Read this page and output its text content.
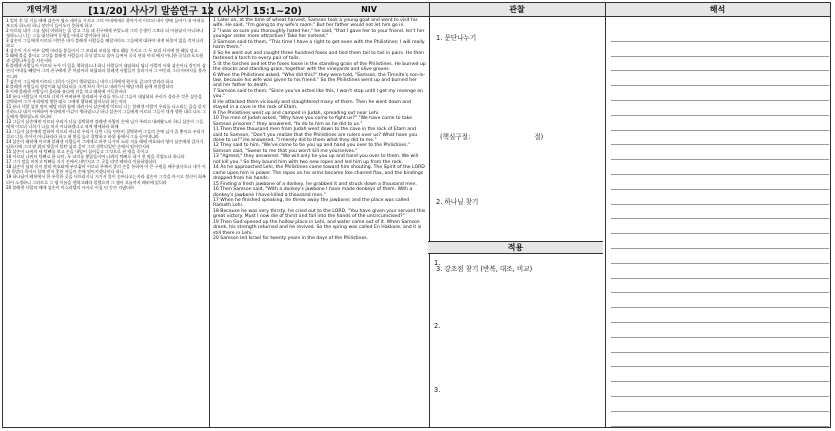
개역개정	[11/20] 사사기 말씀연구 12 (사사기 15:1~20)	NIV	관찰	해석

1 얼마 후 밀 거둘 때에 삼손이 염소 새끼를 가지고 그의 아내에게로 찾아가서 이르되 내가 방에 들어가 내 아내를 보고자 하노라 하니 장인이 들어오지 못하게 하고

2 이르되 네가 그를 심히 미워하는 줄 알고 그를 네 친구에게 주었노라 그의 동생이 그보다 더 아름답지 아니하냐 청하노니 너는 그를 대신하여 동생을 아내로 맞이하라 하니

3 삼손이 그들에게 이르되 이번은 내가 블레셋 사람들을 해할지라도 그들에게 대하여 내게 허물이 없을 것이니라 하고

4 삼손이 가서 여우 삼백 마리를 붙들어서 그 꼬리와 꼬리를 매고 홰를 가지고 그 두 꼬리 사이에 한 홰를 달고

5 홰에 불을 붙이고 그것을 블레셋 사람들의 곡식 밭으로 몰아 들여서 곡식 단과 아직 베지 아니한 곡식과 포도원과 감람나무들을 사른지라

6 블레셋 사람들이 이르되 누가 이 일을 행하였느냐 하니 사람들이 대답하되 딤나 사람의 사위 삼손이니 장인이 삼손의 아내를 빼앗아 그의 친구에게 준 까닭이라 하였더라 블레셋 사람들이 올라가서 그 여인과 그의 아버지를 불사르니라

7 삼손이 그들에게 이르되 너희가 이같이 행하였으니 내가 너희에게 원수를 갚고야 말리라 하고

8 블레셋 사람들의 정강이와 넓적다리를 크게 쳐서 죽이고 내려가서 에담 바위 틈에 머물렀더라

9 이에 블레셋 사람들이 올라와 유다에 진을 치고 레히에 가득한지라

10 유다 사람들이 이르되 너희가 어찌하여 올라와서 우리를 치느냐 그들이 대답하되 우리가 올라온 것은 삼손을 결박하여 그가 우리에게 행한 대로 그에게 행하려 함이로라 하는지라

11 유다 사람 삼천 명이 에담 바위 틈에 내려가서 삼손에게 이르되 너는 블레셋 사람이 우리를 다스리는 줄을 알지 못하느냐 네가 어찌하여 우리에게 이같이 행하였느냐 하니 삼손이 그들에게 이르되 그들이 내게 행한 대로 나도 그들에게 행하였노라 하니라

12 그들이 삼손에게 이르되 우리가 너를 결박하여 블레셋 사람의 손에 넘겨 주려고 내려왔노라 하니 삼손이 그들에게 이르되 너희가 나를 치지 아니하겠다고 내게 맹세하라 하매

13 그들이 삼손에게 말하여 이르되 아니라 우리가 다만 너를 단단히 결박하여 그들의 손에 넘겨 줄 뿐이요 우리가 결코 너를 죽이지 아니하리라 하고 새 밧줄 둘로 결박하고 바위 틈에서 그를 끌어내니라

14 삼손이 레히에 이르매 블레셋 사람들이 그에게로 마주 나가며 소리 지를 때에 여호와의 영이 삼손에게 갑자기 임하시매 그의 팔 위의 밧줄이 불탄 삼과 같이 그의 결박되었던 손에서 떨어진지라

15 삼손이 나귀의 새 턱뼈를 보고 손을 내밀어 집어들고 그것으로 천 명을 죽이고

16 이르되 나귀의 턱뼈로 한 더미, 두 더미를 쌓았음이여 나귀의 턱뼈로 내가 천 명을 죽였도다 하니라

17 그가 말을 마치고 턱뼈를 자기 손에서 내던지고 그 곳을 라맛 레히라 이름하였더라

18 삼손이 심히 목이 말라 여호와께 부르짖어 이르되 주께서 종의 손을 통하여 이 큰 구원을 베푸셨사오나 내가 이제 목말라 죽어서 할례 받지 못한 자들의 손에 떨어지겠나이다 하니

19 하나님이 레히에서 한 우묵한 곳을 터뜨리시니 거기서 물이 솟아나오는지라 삼손이 그것을 마시고 정신이 회복되어 소생하니 그러므로 그 샘 이름을 엔학고레라 불렀으며 그 샘이 오늘까지 레히에 있더라

20 블레셋 사람의 때에 삼손이 이스라엘의 사사로 이십 년 동안 지냈더라

1 Later on, at the time of wheat harvest, Samson took a young goat and went to visit his wife. He said, "I'm going to my wife's room." But her father would not let him go in.

2 "I was so sure you thoroughly hated her," he said, "that I gave her to your friend. Isn't her younger sister more attractive? Take her instead."

3 Samson said to them, "This time I have a right to get even with the Philistines; I will really harm them."

4 So he went out and caught three hundred foxes and tied them tail to tail in pairs. He then fastened a torch to every pair of tails,

5 lit the torches and let the foxes loose in the standing grain of the Philistines. He burned up the shocks and standing grain, together with the vineyards and olive groves.

6 When the Philistines asked, "Who did this?" they were told, "Samson, the Timnite's son-in-law, because his wife was given to his friend." So the Philistines went up and burned her and her father to death.

7 Samson said to them, "Since you've acted like this, I won't stop until I get my revenge on you."

8 He attacked them viciously and slaughtered many of them. Then he went down and stayed in a cave in the rock of Etam.

9 The Philistines went up and camped in Judah, spreading out near Lehi.

10 The men of Judah asked, "Why have you come to fight us?" "We have come to take Samson prisoner," they answered, "to do to him as he did to us."

11 Then three thousand men from Judah went down to the cave in the rock of Etam and said to Samson, "Don't you realize that the Philistines are rulers over us? What have you done to us?" He answered, "I merely did to them what they did to me."

12 They said to him, "We've come to tie you up and hand you over to the Philistines." Samson said, "Swear to me that you won't kill me yourselves."

13 "Agreed," they answered. "We will only tie you up and hand you over to them. We will not kill you." So they bound him with two new ropes and led him up from the rock.

14 As he approached Lehi, the Philistines came toward him shouting. The Spirit of the LORD came upon him in power. The ropes on his arms became like charred flax, and the bindings dropped from his hands.

15 Finding a fresh jawbone of a donkey, he grabbed it and struck down a thousand men.

16 Then Samson said, "With a donkey's jawbone I have made donkeys of them. With a donkey's jawbone I have killed a thousand men."

17 When he finished speaking, he threw away the jawbone; and the place was called Ramath Lehi.

18 Because he was very thirsty, he cried out to the LORD, "You have given your servant this great victory. Must I now die of thirst and fall into the hands of the uncircumcised?"

19 Then God opened up the hollow place in Lehi, and water came out of it. When Samson drank, his strength returned and he revived. So the spring was called En Hakkore, and it is still there in Lehi.

20 Samson led Israel for twenty years in the days of the Philistines.

1. 문단나누기
(핵심구절:	절)
2. 하나님 찾기
3. 강조점 찾기 (반복, 대조, 비교)
적용
1.
2.
3.
